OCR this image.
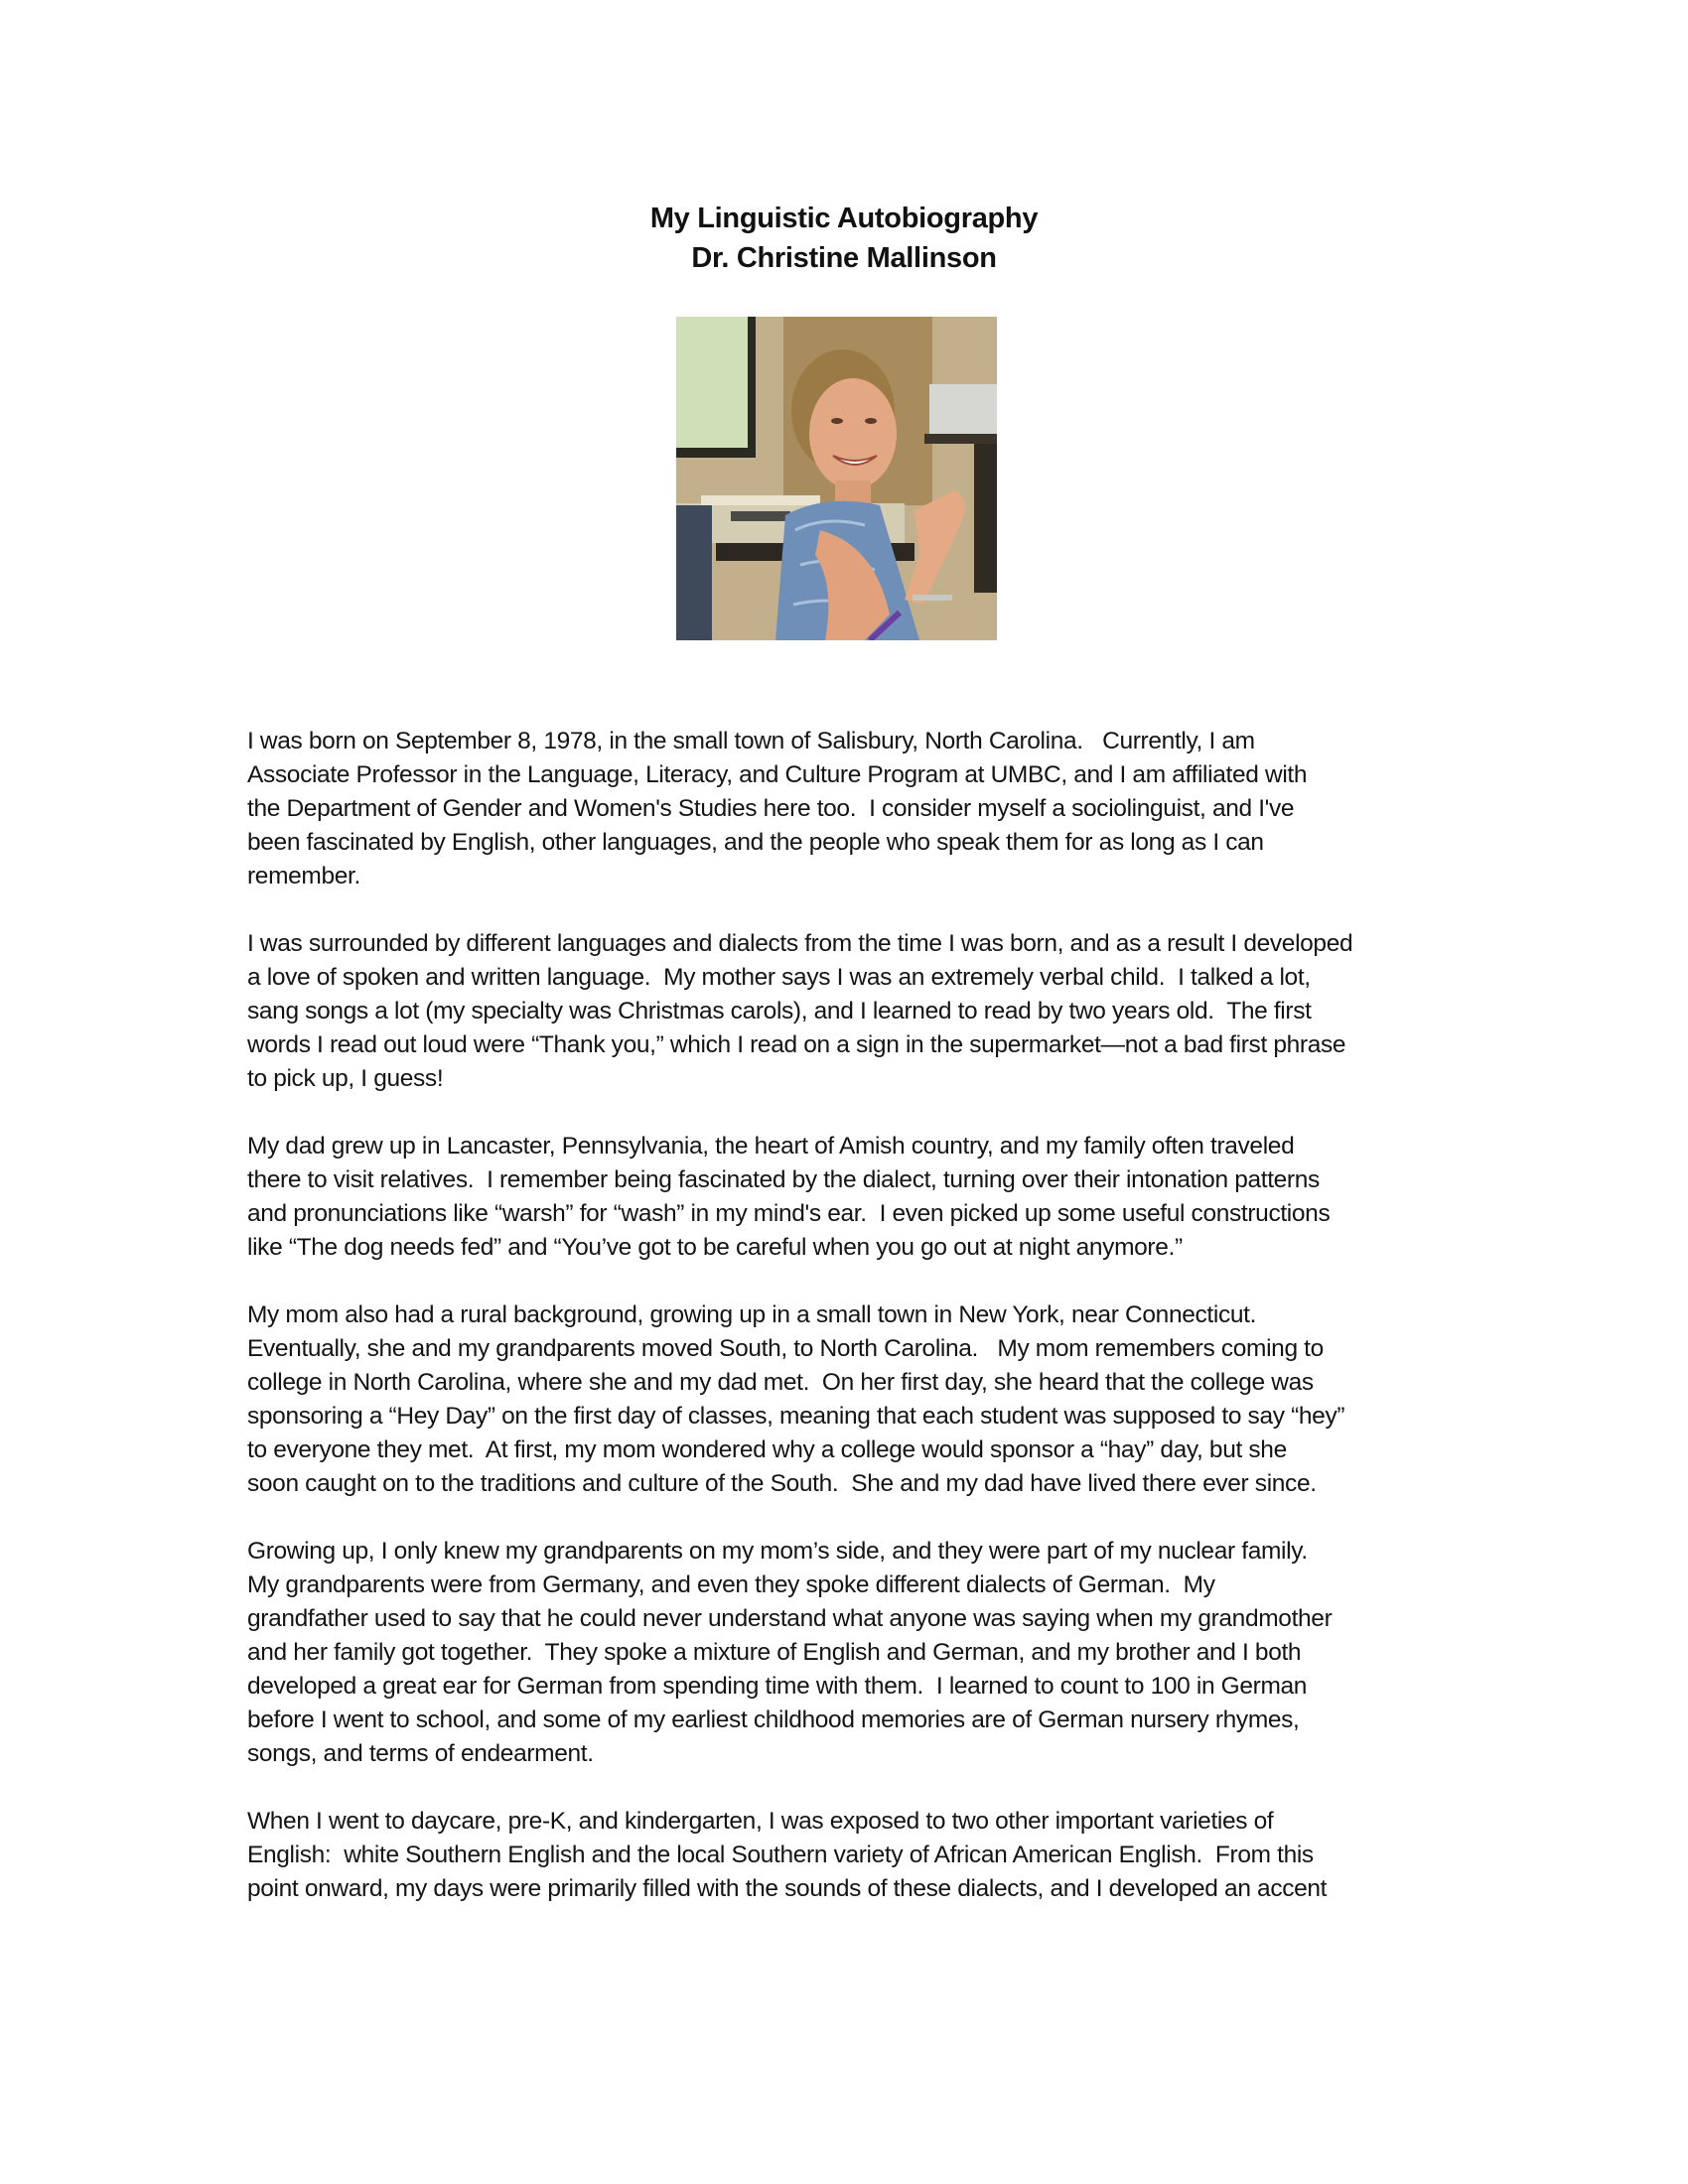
My Linguistic Autobiography
Dr. Christine Mallinson
I was born on September 8, 1978, in the small town of Salisbury, North Carolina.   Currently, I am
Associate Professor in the Language, Literacy, and Culture Program at UMBC, and I am affiliated with
the Department of Gender and Women's Studies here too.  I consider myself a sociolinguist, and I've
been fascinated by English, other languages, and the people who speak them for as long as I can
remember.
I was surrounded by different languages and dialects from the time I was born, and as a result I developed
a love of spoken and written language.  My mother says I was an extremely verbal child.  I talked a lot,
sang songs a lot (my specialty was Christmas carols), and I learned to read by two years old.  The first
words I read out loud were “Thank you,” which I read on a sign in the supermarket—not a bad first phrase
to pick up, I guess!
My dad grew up in Lancaster, Pennsylvania, the heart of Amish country, and my family often traveled
there to visit relatives.  I remember being fascinated by the dialect, turning over their intonation patterns
and pronunciations like “warsh” for “wash” in my mind's ear.  I even picked up some useful constructions
like “The dog needs fed” and “You’ve got to be careful when you go out at night anymore.”
My mom also had a rural background, growing up in a small town in New York, near Connecticut.
Eventually, she and my grandparents moved South, to North Carolina.   My mom remembers coming to
college in North Carolina, where she and my dad met.  On her first day, she heard that the college was
sponsoring a “Hey Day” on the first day of classes, meaning that each student was supposed to say “hey”
to everyone they met.  At first, my mom wondered why a college would sponsor a “hay” day, but she
soon caught on to the traditions and culture of the South.  She and my dad have lived there ever since.
Growing up, I only knew my grandparents on my mom’s side, and they were part of my nuclear family.
My grandparents were from Germany, and even they spoke different dialects of German.  My
grandfather used to say that he could never understand what anyone was saying when my grandmother
and her family got together.  They spoke a mixture of English and German, and my brother and I both
developed a great ear for German from spending time with them.  I learned to count to 100 in German
before I went to school, and some of my earliest childhood memories are of German nursery rhymes,
songs, and terms of endearment.
When I went to daycare, pre-K, and kindergarten, I was exposed to two other important varieties of
English:  white Southern English and the local Southern variety of African American English.  From this
point onward, my days were primarily filled with the sounds of these dialects, and I developed an accent
